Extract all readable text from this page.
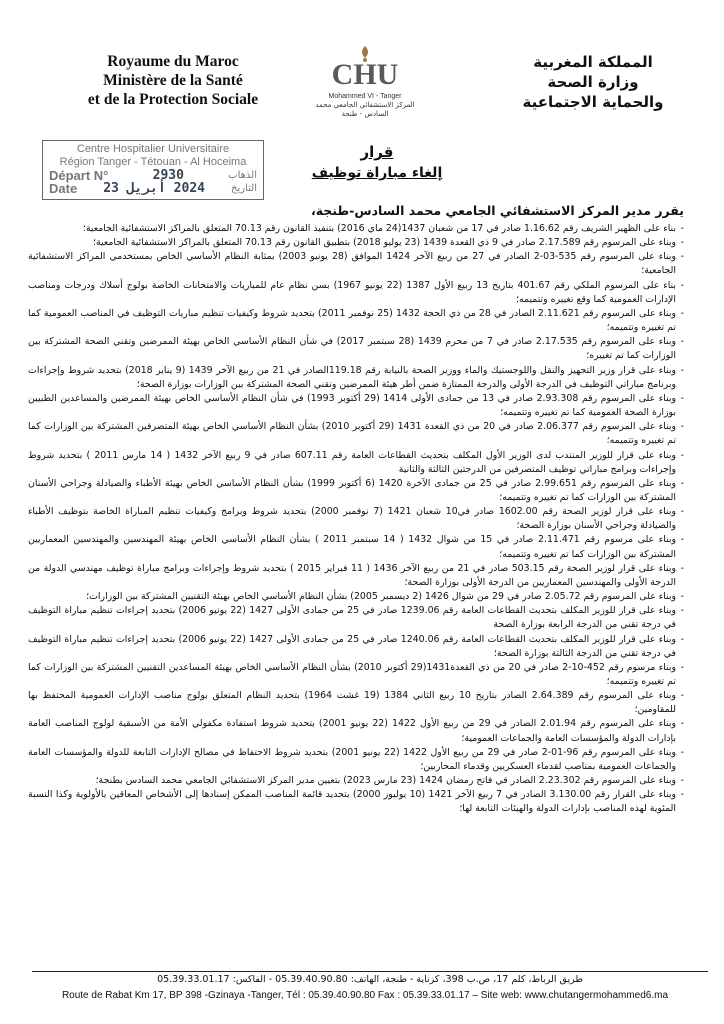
Royaume du Maroc
Ministère de la Santé
et de la Protection Sociale
CHU
Mohammed VI - Tanger
المركز الاستشفائي الجامعي محمد السادس - طنجة
المملكة المغربية
وزارة الصحة
والحماية الاجتماعية
Centre Hospitalier Universitaire
Région Tanger - Tétouan - Al Hoceima
Départ N°	2930	الذهاب
Date 2024 أبريل 23	التاريخ
قرار
إلغاء مباراة توظيف
يقرر مدير المركز الاستشفائي الجامعي محمد السادس-طنجة،
- بناء على الظهير الشريف رقم 1.16.62 صادر في 17 من شعبان 1437(24 ماي 2016) بتنفيذ القانون رقم 70.13 المتعلق بالمراكز الاستشفائية الجامعية؛
- وبناء على المرسوم رقم 2.17.589 صادر في 9 ذي القعدة 1439 (23 يوليو 2018) بتطبيق القانون رقم 70.13 المتعلق بالمراكز الاستشفائية الجامعية؛
- وبناء على المرسوم رقم 535-03-2 الصادر في 27 من ربيع الآخر 1424 الموافق (28 يونيو 2003) بمثابة النظام الأساسي الخاص بمستخدمي المراكز الاستشفائية الجامعية؛
- بناء على المرسوم الملكي رقم 401.67 بتاريخ 13 ربيع الأول 1387 (22 يونيو 1967) بسن نظام عام للمباريات والامتحانات الخاصة بولوج أسلاك ودرجات ومناصب الإدارات العمومية كما وقع تغييره وتتميمه؛
- وبناء على المرسوم رقم 2.11.621 الصادر في 28 من ذي الحجة 1432 (25 نوفمبر 2011) بتحديد شروط وكيفيات تنظيم مباريات التوظيف في المناصب العمومية كما تم تغييره وتتميمه؛
- وبناء على المرسوم رقم 2.17.535 صادر في 7 من محرم 1439 (28 سبتمبر 2017) في شأن النظام الأساسي الخاص بهيئة الممرضين وتقني الصحة المشتركة بين الوزارات كما تم تغييره؛
- وبناء على قرار وزير التجهيز والنقل واللوجستيك والماء ووزير الصحة بالنيابة رقم 119.18الصادر في 21 من ربيع الآخر 1439 (9 يناير 2018) بتحديد شروط وإجراءات وبرنامج مباراتي التوظيف في الدرجة الأولى والدرجة الممتازة ضمن أطر هيئة الممرضين وتقني الصحة المشتركة بين الوزارات بوزارة الصحة؛
- وبناء على المرسوم رقم 2.93.308 صادر في 13 من جمادى الأولى 1414 (29 أكتوبر 1993) في شأن النظام الأساسي الخاص بهيئة الممرضين والمساعدين الطبيين بوزارة الصحة العمومية كما تم تغييره وتتميمه؛
- وبناء على المرسوم رقم 2.06.377 صادر في 20 من ذي القعدة 1431 (29 أكتوبر 2010) بشأن النظام الأساسي الخاص بهيئة المتصرفين المشتركة بين الوزارات كما تم تغييره وتتميمه؛
- وبناء على قرار للوزير المنتدب لدى الوزير الأول المكلف بتحديث القطاعات العامة رقم 607.11 صادر في 9 ربيع الآخر 1432 ( 14 مارس 2011 ) بتحديد شروط وإجراءات وبرامج مباراتي توظيف المتصرفين من الدرجتين الثالثة والثانية
- وبناء على المرسوم رقم 2.99.651 صادر في 25 من جمادى الآخرة 1420 (6 أكتوبر 1999) بشأن النظام الأساسي الخاص بهيئة الأطباء والصيادلة وجراحي الأسنان المشتركة بين الوزارات كما تم تغييره وتتميمه؛
- وبناء على قرار لوزير الصحة رقم 1602.00 صادر في10 شعبان 1421 (7 نوفمبر 2000) بتحديد شروط وبرامج وكيفيات تنظيم المباراة الخاصة بتوظيف الأطباء والصيادلة وجراحي الأسنان بوزارة الصحة؛
- وبناء على مرسوم رقم 2.11.471 صادر في 15 من شوال 1432 ( 14 سبتمبر 2011 ) بشأن النظام الأساسي الخاص بهيئة المهندسين والمهندسين المعماريين المشتركة بين الوزارات كما تم تغييره وتتميمه؛
- وبناء على قرار لوزير الصحة رقم 503.15 صادر في 21 من ربيع الآخر 1436 ( 11 فبراير 2015 ) بتحديد شروط وإجراءات وبرامج مباراة توظيف مهندسي الدولة من الدرجة الأولى والمهندسين المعماريين من الدرجة الأولى بوزارة الصحة؛
- وبناء على المرسوم رقم 2.05.72 صادر في 29 من شوال 1426 (2 ديسمبر 2005) بشأن النظام الأساسي الخاص بهيئة التقنيين المشتركة بين الوزارات؛
- وبناء على قرار للوزير المكلف بتحديث القطاعات العامة رقم 1239.06 صادر في 25 من جمادى الأولى 1427 (22 يونيو 2006) بتحديد إجراءات تنظيم مباراة التوظيف في درجة تقني من الدرجة الرابعة بوزارة الصحة
- وبناء على قرار للوزير المكلف بتحديث القطاعات العامة رقم 1240.06 صادر في 25 من جمادى الأولى 1427 (22 يونيو 2006) بتحديد إجراءات تنظيم مباراة التوظيف في درجة تقني من الدرجة الثالثة بوزارة الصحة؛
- وبناء مرسوم رقم 452-10-2 صادر في 20 من ذي القعدة1431(29 أكتوبر 2010) بشأن النظام الأساسي الخاص بهيئة المساعدين التقنيين المشتركة بين الوزارات كما تم تغييره وتتميمه؛
- وبناء على المرسوم رقم 2.64.389 الصادر بتاريخ 10 ربيع الثاني 1384 (19 غشت 1964) بتحديد النظام المتعلق بولوج مناصب الإدارات العمومية المحتفظ بها للمقاومين؛
- وبناء على المرسوم رقم 2.01.94 الصادر في 29 من ربيع الأول 1422 (22 يونيو 2001) بتحديد شروط استفادة مكفولي الأمة من الأسبقية لولوج المناصب العامة بإدارات الدولة والمؤسسات العامة والجماعات العمومية؛
- وبناء على المرسوم رقم 96-01-2 صادر في 29 من ربيع الأول 1422 (22 يونيو 2001) بتحديد شروط الاحتفاظ في مصالح الإدارات التابعة للدولة والمؤسسات العامة والجماعات العمومية بمناصب لقدماء العسكريين وقدماء المحاربين؛
- وبناء على المرسوم رقم 2.23.302 الصادر في فاتح رمضان 1424 (23 مارس 2023) بتعيين مدير المركز الاستشفائي الجامعي محمد السادس بطنجة؛
- وبناء على القرار رقم 3.130.00 الصادر في 7 ربيع الآخر 1421 (10 يوليوز 2000) بتحديد قائمة المناصب الممكن إسنادها إلى الأشخاص المعاقين بالأولوية وكذا النسبة المئوية لهذه المناصب بإدارات الدولة والهيئات التابعة لها؛
طريق الرباط، كلم 17، ص.ب 398، كزناية - طنجة، الهاتف: 05.39.40.90.80 - الفاكس: 05.39.33.01.17
Route de Rabat Km 17, BP 398 -Gzinaya -Tanger, Tél : 05.39.40.90.80 Fax : 05.39.33.01.17 – Site web: www.chutangermohammed6.ma
